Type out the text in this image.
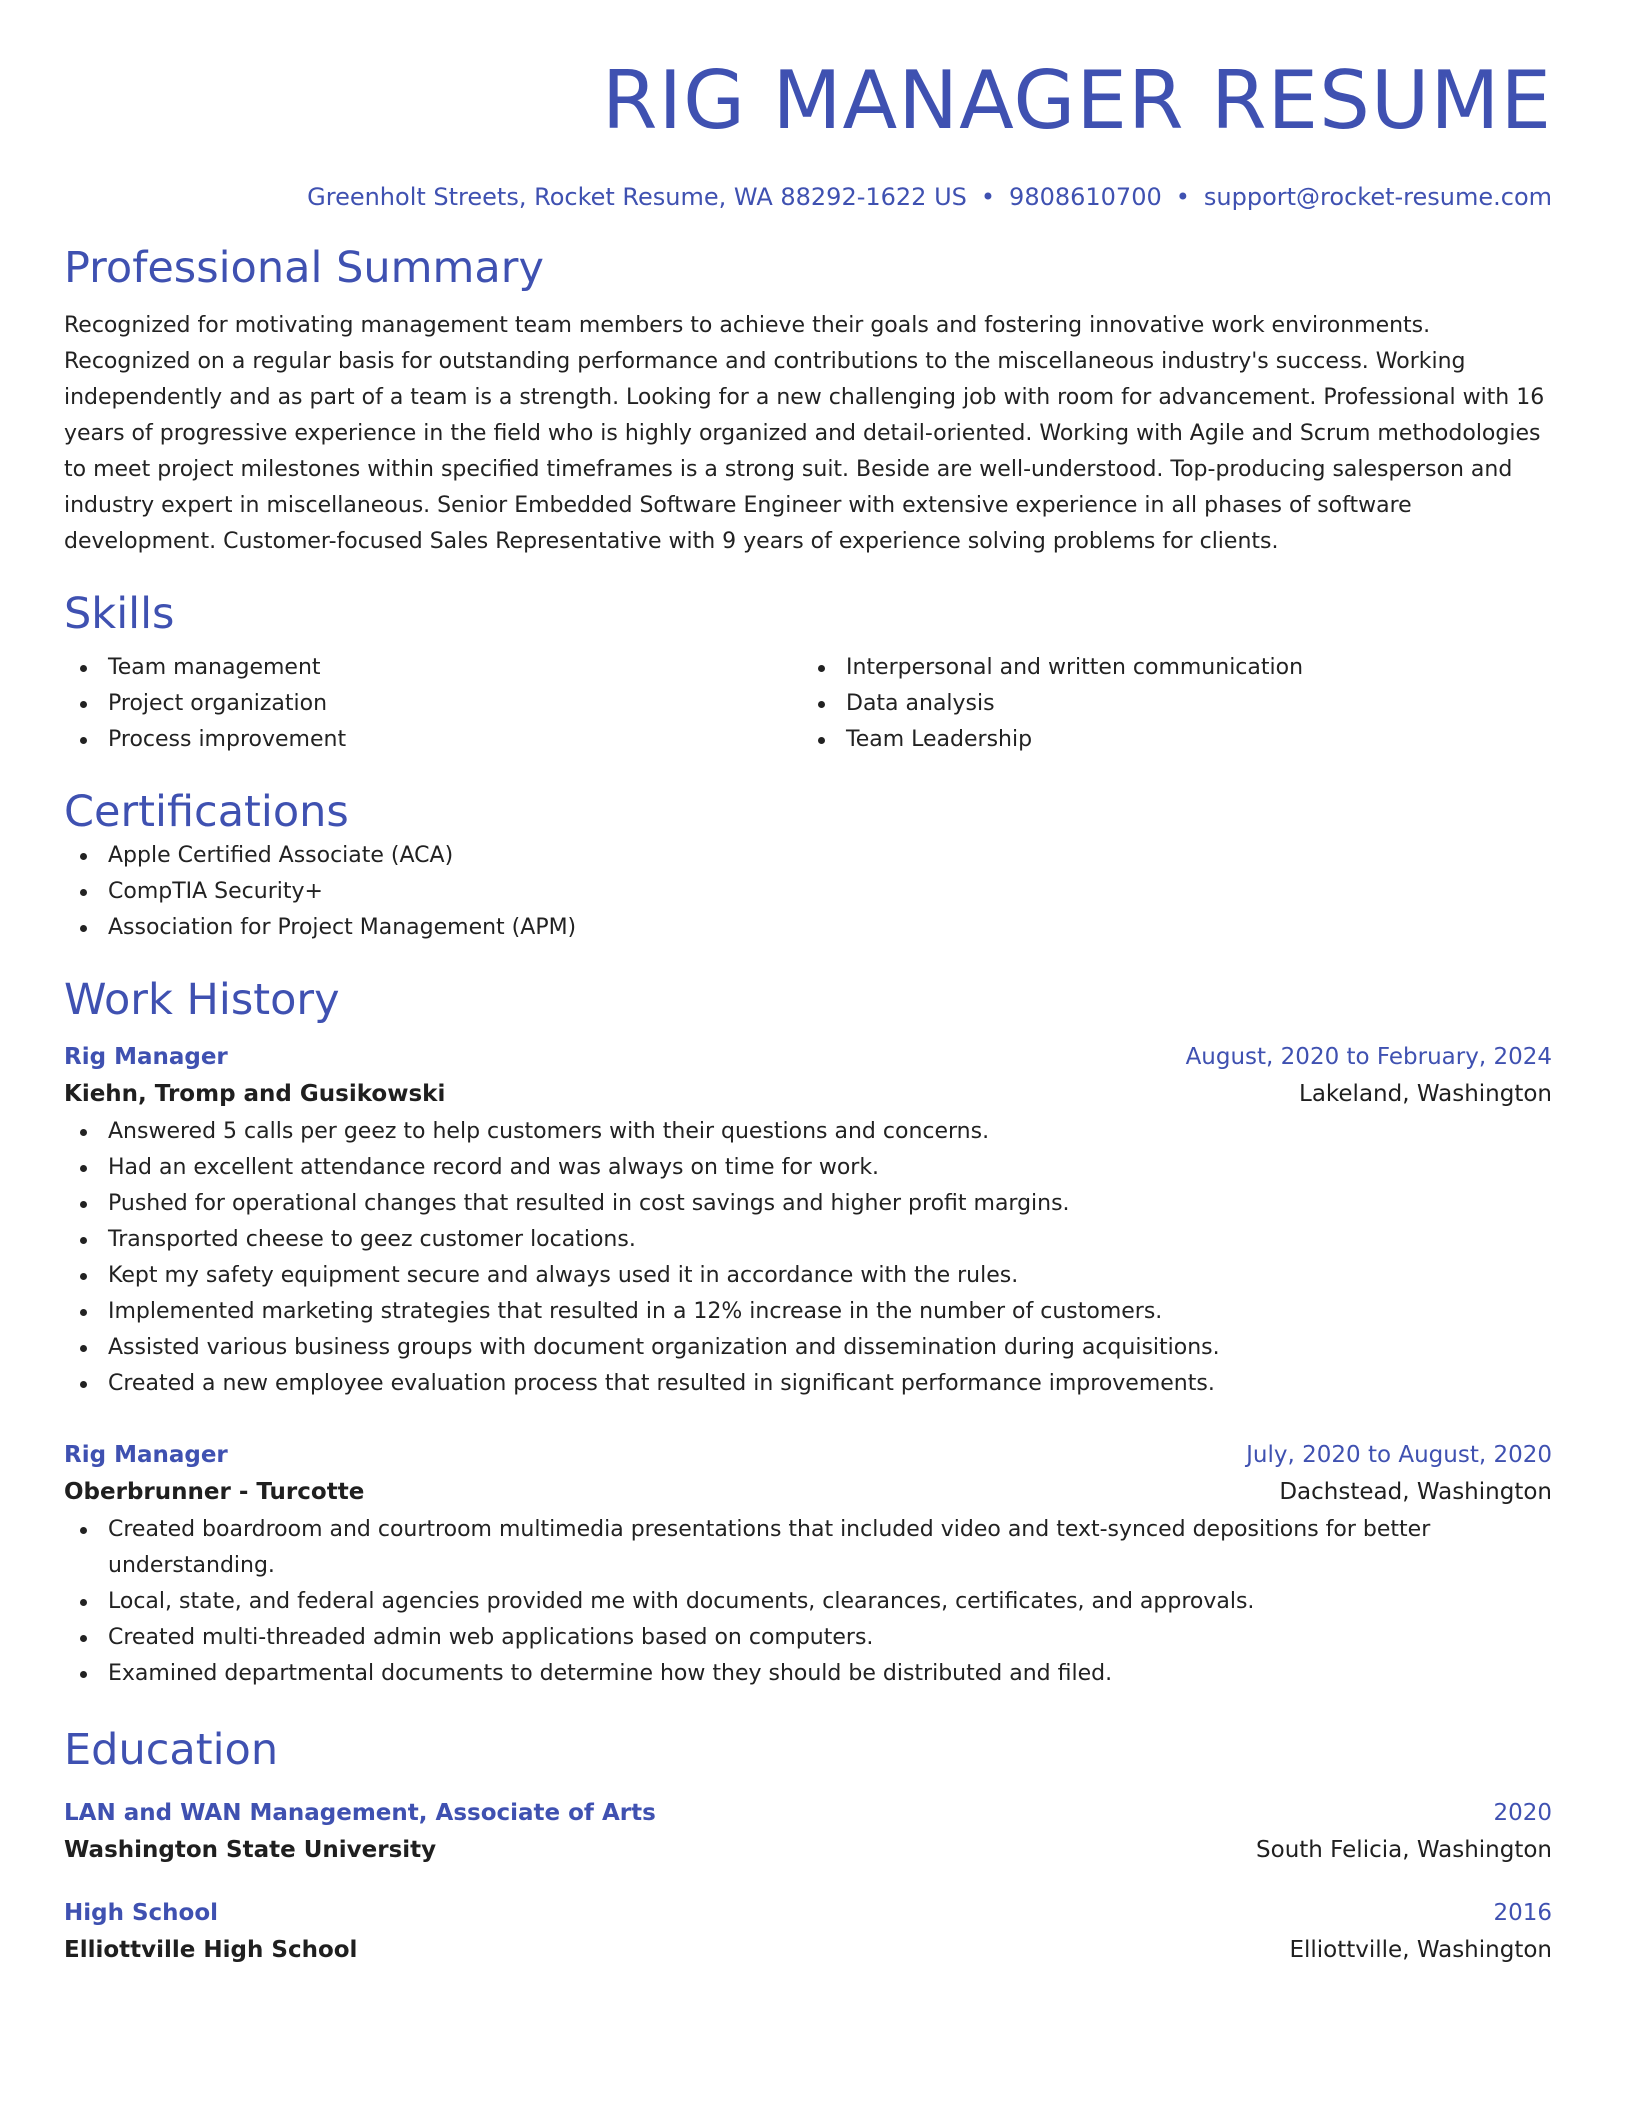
RIG MANAGER RESUME
Greenholt Streets, Rocket Resume, WA 88292-1622 US • 9808610700 • support@rocket-resume.com
Professional Summary

Recognized for motivating management team members to achieve their goals and fostering innovative work environments. Recognized on a regular basis for outstanding performance and contributions to the miscellaneous industry's success. Working independently and as part of a team is a strength. Looking for a new challenging job with room for advancement. Professional with 16 years of progressive experience in the field who is highly organized and detail-oriented. Working with Agile and Scrum methodologies to meet project milestones within specified timeframes is a strong suit. Beside are well-understood. Top-producing salesperson and industry expert in miscellaneous. Senior Embedded Software Engineer with extensive experience in all phases of software development. Customer-focused Sales Representative with 9 years of experience solving problems for clients.

Skills
Team management
Project organization
Process improvement
Interpersonal and written communication
Data analysis
Team Leadership
Certifications
Apple Certified Associate (ACA)
CompTIA Security+
Association for Project Management (APM)
Work History
Rig Manager	August, 2020 to February, 2024
Kiehn, Tromp and Gusikowski	Lakeland, Washington
Answered 5 calls per geez to help customers with their questions and concerns.
Had an excellent attendance record and was always on time for work.
Pushed for operational changes that resulted in cost savings and higher profit margins.
Transported cheese to geez customer locations.
Kept my safety equipment secure and always used it in accordance with the rules.
Implemented marketing strategies that resulted in a 12% increase in the number of customers.
Assisted various business groups with document organization and dissemination during acquisitions.
Created a new employee evaluation process that resulted in significant performance improvements.
Rig Manager	July, 2020 to August, 2020
Oberbrunner - Turcotte	Dachstead, Washington
Created boardroom and courtroom multimedia presentations that included video and text-synced depositions for better understanding.
Local, state, and federal agencies provided me with documents, clearances, certificates, and approvals.
Created multi-threaded admin web applications based on computers.
Examined departmental documents to determine how they should be distributed and filed.
Education
LAN and WAN Management, Associate of Arts	2020
Washington State University	South Felicia, Washington
High School	2016
Elliottville High School	Elliottville, Washington
